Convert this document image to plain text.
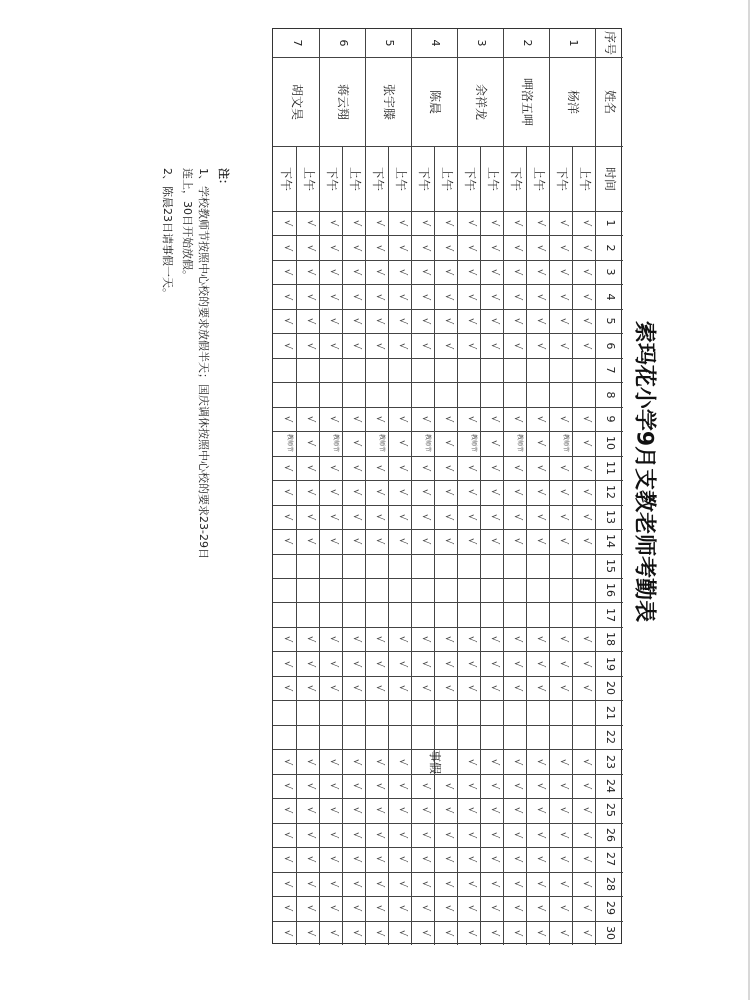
索玛花小学9月支教老师考勤表
序号
姓名
时间
1
2
3
4
5
6
7
8
9
10
11
12
13
14
15
16
17
18
19
20
21
22
23
24
25
26
27
28
29
30
1
杨洋
上午
下午
√
√
√
√
√
√
√
√
√
√
√
√
√
√
√
教师节
√
√
√
√
√
√
√
√
√
√
√
√
√
√
√
√
√
√
√
√
√
√
√
√
√
√
√
√
√
√
2
呷洛五呷
上午
下午
√
√
√
√
√
√
√
√
√
√
√
√
√
√
√
教师节
√
√
√
√
√
√
√
√
√
√
√
√
√
√
√
√
√
√
√
√
√
√
√
√
√
√
√
√
√
√
3
余祥龙
上午
下午
√
√
√
√
√
√
√
√
√
√
√
√
√
√
√
教师节
√
√
√
√
√
√
√
√
√
√
√
√
√
√
√
√
√
√
√
√
√
√
√
√
√
√
√
√
√
√
4
陈晨
上午
下午
√
√
√
√
√
√
√
√
√
√
√
√
√
√
√
教师节
√
√
√
√
√
√
√
√
√
√
√
√
√
√
事假
√
√
√
√
√
√
√
√
√
√
√
√
√
√
5
张宇滕
上午
下午
√
√
√
√
√
√
√
√
√
√
√
√
√
√
√
教师节
√
√
√
√
√
√
√
√
√
√
√
√
√
√
√
√
√
√
√
√
√
√
√
√
√
√
√
√
√
√
6
蒋云翔
上午
下午
√
√
√
√
√
√
√
√
√
√
√
√
√
√
√
教师节
√
√
√
√
√
√
√
√
√
√
√
√
√
√
√
√
√
√
√
√
√
√
√
√
√
√
√
√
√
√
7
胡文昊
上午
下午
√
√
√
√
√
√
√
√
√
√
√
√
√
√
√
教师节
√
√
√
√
√
√
√
√
√
√
√
√
√
√
√
√
√
√
√
√
√
√
√
√
√
√
√
√
√
√
注：
1、学校教师节按照中心校的要求放假半天；国庆调休按照中心校的要求23-29日
连上，30日开始放假。
2、陈晨23日请事假一天。
